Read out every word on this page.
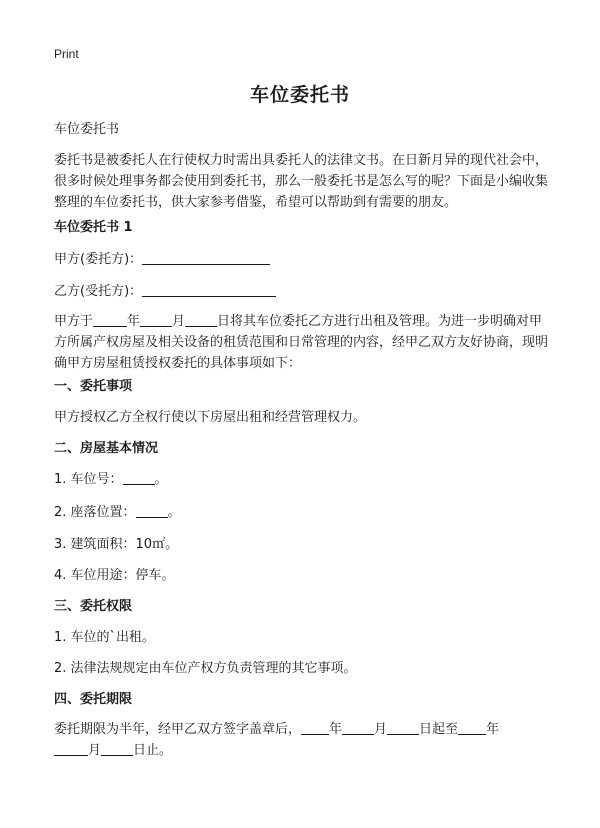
Print
车位委托书
车位委托书
委托书是被委托人在行使权力时需出具委托人的法律文书。在日新月异的现代社会中，很多时候处理事务都会使用到委托书，那么一般委托书是怎么写的呢？下面是小编收集整理的车位委托书，供大家参考借鉴，希望可以帮助到有需要的朋友。
车位委托书 1
甲方(委托方)：
乙方(受托方)：
甲方于	年 月 日将其车位委托乙方进行出租及管理。为进一步明确对甲方所属产权房屋及相关设备的租赁范围和日常管理的内容，经甲乙双方友好协商，现明确甲方房屋租赁授权委托的具体事项如下：
一、委托事项
甲方授权乙方全权行使以下房屋出租和经营管理权力。
二、房屋基本情况
1. 车位号： 。
2. 座落位置： 。
3. 建筑面积：10㎡。
4. 车位用途：停车。
三、委托权限
1. 车位的`出租。
2. 法律法规规定由车位产权方负责管理的其它事项。
四、委托期限
委托期限为半年，经甲乙双方签字盖章后， 年 月 日起至 年
月 日止。
